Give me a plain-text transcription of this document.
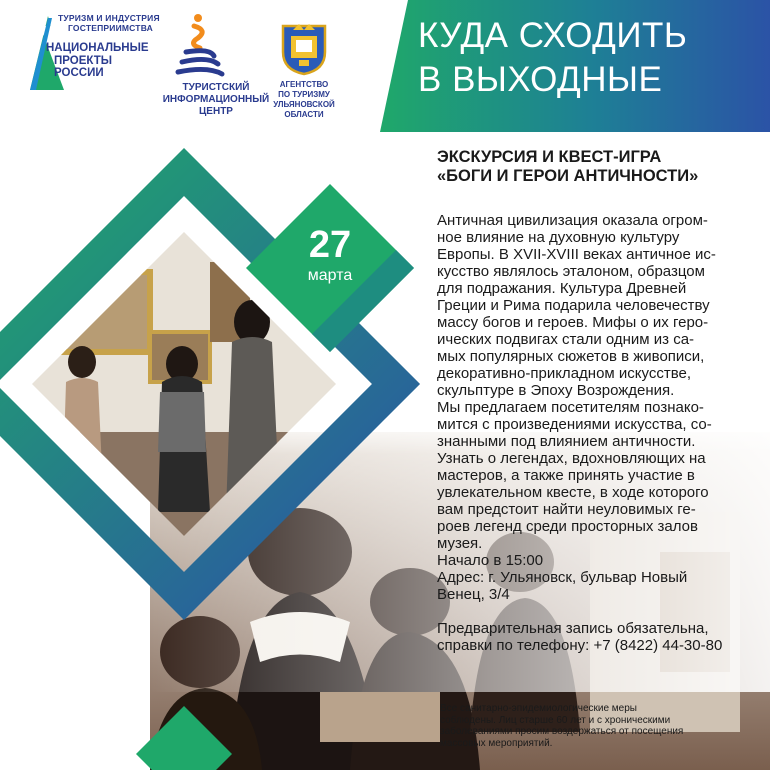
ТУРИЗМ И ИНДУСТРИЯ
ГОСТЕПРИИМСТВА
НАЦИОНАЛЬНЫЕ
ПРОЕКТЫ
РОССИИ
ТУРИСТСКИЙ
ИНФОРМАЦИОННЫЙ
ЦЕНТР
АГЕНТСТВО
ПО ТУРИЗМУ
УЛЬЯНОВСКОЙ
ОБЛАСТИ
КУДА СХОДИТЬ
В ВЫХОДНЫЕ
27
марта
ЭКСКУРСИЯ И КВЕСТ-ИГРА
«БОГИ И ГЕРОИ АНТИЧНОСТИ»

Античная цивилизация оказала огром-

ное влияние на духовную культуру

Европы. В XVII-XVIII веках античное ис-

кусство являлось эталоном, образцом

для подражания. Культура Древней

Греции и Рима подарила человечеству

массу богов и героев. Мифы о их геро-

ических подвигах стали одним из са-

мых популярных сюжетов в живописи,

декоративно-прикладном искусстве,

скульптуре в Эпоху Возрождения.

Мы предлагаем посетителям познако-

мится с произведениями искусства, со-

знанными под влиянием античности.

Узнать о легендах, вдохновляющих на

мастеров, а также принять участие в

увлекательном квесте, в ходе которого

вам предстоит найти неуловимых ге-

роев легенд среди просторных залов

музея.

Начало в 15:00
Адрес: г. Ульяновск, бульвар Новый
Венец, 3/4
Предварительная запись обязательна,
справки по телефону: +7 (8422) 44-30-80
Все санитарно-эпидемиологические меры
соблюдены. Лиц старше 60 лет и с хроническими
заболеваниями просим воздержаться от посещения
массовых мероприятий.
